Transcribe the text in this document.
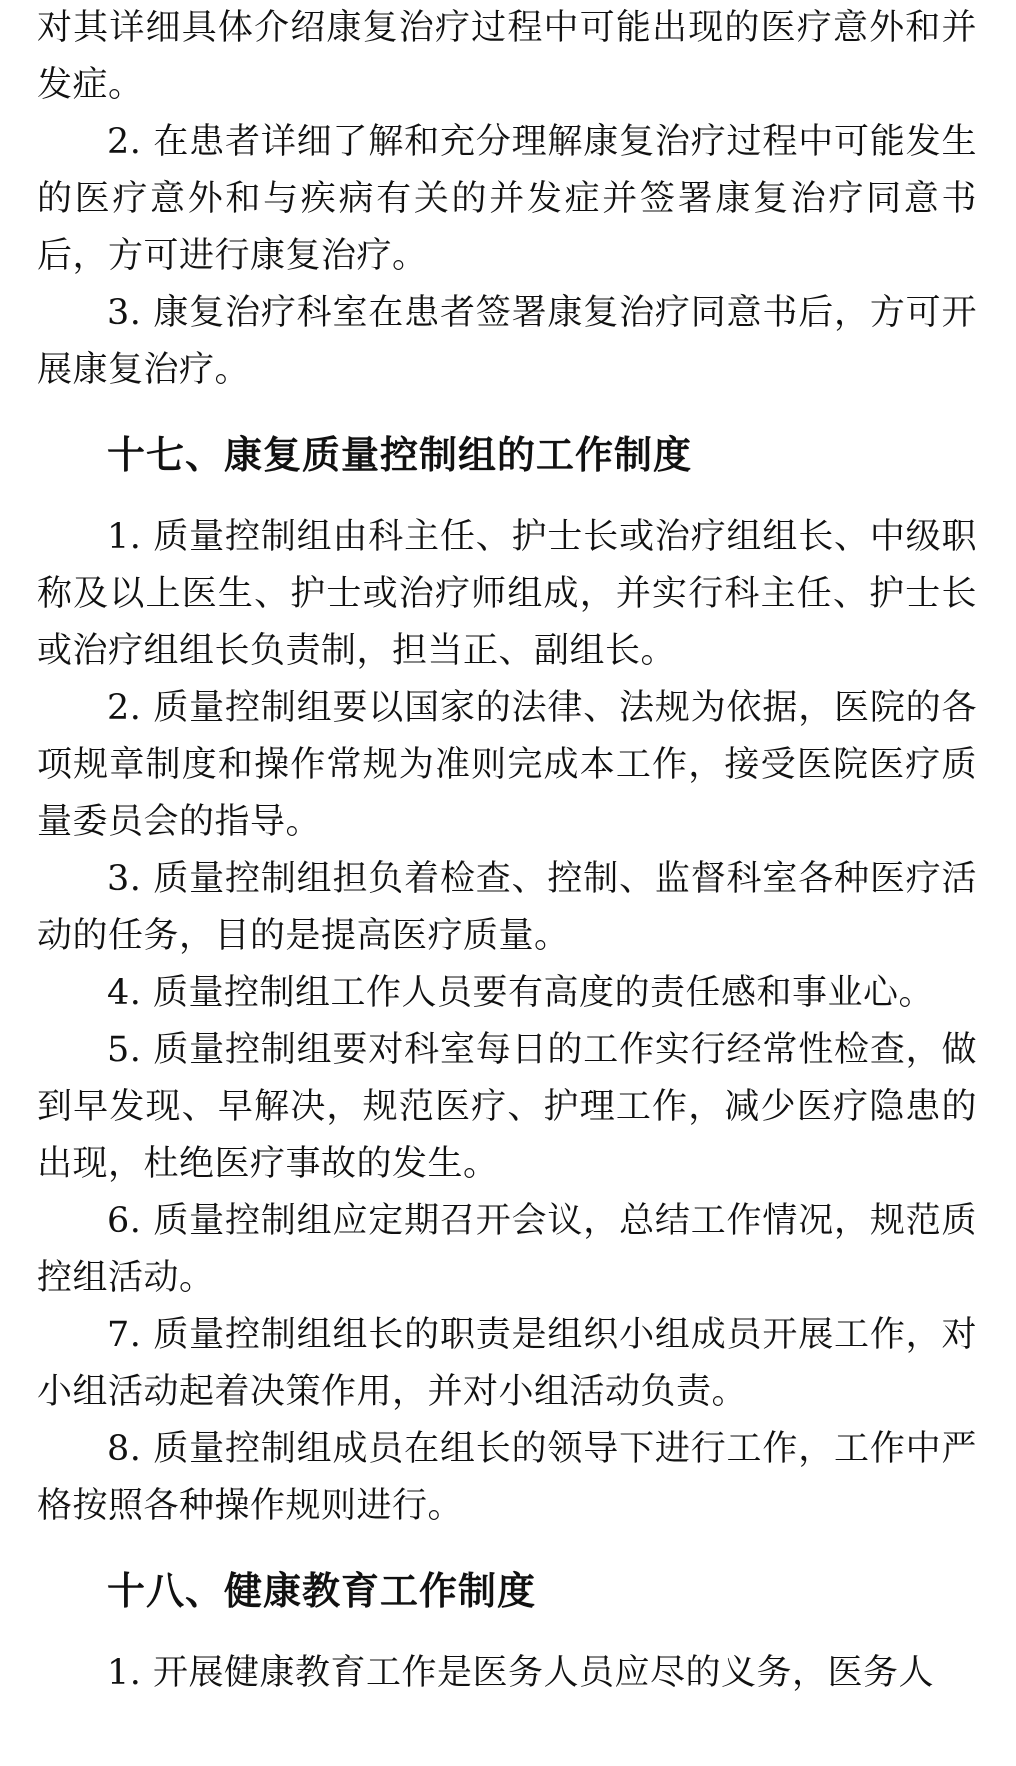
对其详细具体介绍康复治疗过程中可能出现的医疗意外和并发症。

2. 在患者详细了解和充分理解康复治疗过程中可能发生的医疗意外和与疾病有关的并发症并签署康复治疗同意书后，方可进行康复治疗。

3. 康复治疗科室在患者签署康复治疗同意书后，方可开展康复治疗。

十七、康复质量控制组的工作制度

1. 质量控制组由科主任、护士长或治疗组组长、中级职称及以上医生、护士或治疗师组成，并实行科主任、护士长或治疗组组长负责制，担当正、副组长。

2. 质量控制组要以国家的法律、法规为依据，医院的各项规章制度和操作常规为准则完成本工作，接受医院医疗质量委员会的指导。

3. 质量控制组担负着检查、控制、监督科室各种医疗活动的任务，目的是提高医疗质量。

4. 质量控制组工作人员要有高度的责任感和事业心。

5. 质量控制组要对科室每日的工作实行经常性检查，做到早发现、早解决，规范医疗、护理工作，减少医疗隐患的出现，杜绝医疗事故的发生。

6. 质量控制组应定期召开会议，总结工作情况，规范质控组活动。

7. 质量控制组组长的职责是组织小组成员开展工作，对小组活动起着决策作用，并对小组活动负责。

8. 质量控制组成员在组长的领导下进行工作，工作中严格按照各种操作规则进行。

十八、健康教育工作制度

1. 开展健康教育工作是医务人员应尽的义务，医务人
